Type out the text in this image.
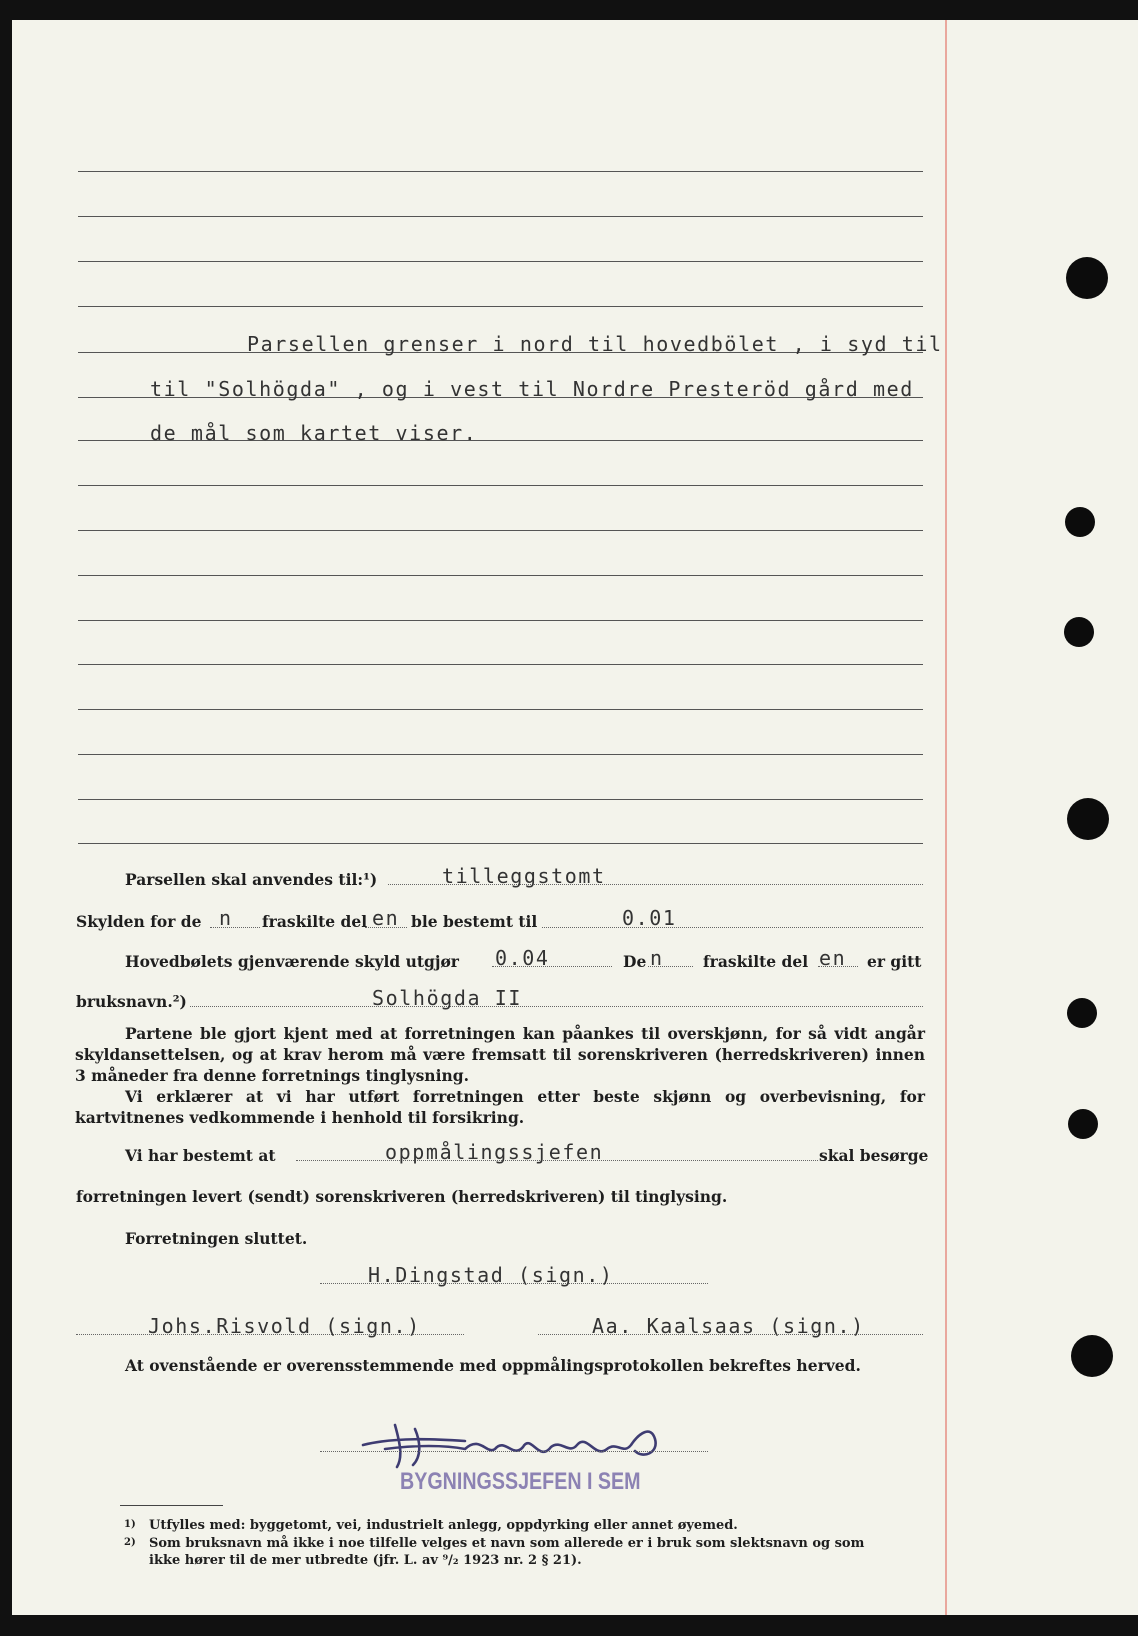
Parsellen grenser i nord til hovedbölet , i syd til
til "Solhögda" , og i vest til Nordre Presteröd gård med
de mål som kartet viser.
Parsellen skal anvendes til:¹)	tilleggstomt
Skylden for de n fraskilte del en ble bestemt til	0.01
Hovedbølets gjenværende skyld utgjør 0.04	De n	fraskilte del en er gitt
bruksnavn.²)	Solhögda II
Partene ble gjort kjent med at forretningen kan påankes til overskjønn, for så vidt angår skyldansettelsen, og at krav herom må være fremsatt til sorenskriveren (herredskriveren) innen 3 måneder fra denne forretnings tinglysning.
Vi erklærer at vi har utført forretningen etter beste skjønn og overbevisning, for kartvitnenes vedkommende i henhold til forsikring.
Vi har bestemt at	oppmålingssjefen	skal besørge
forretningen levert (sendt) sorenskriveren (herredskriveren) til tinglysing.
Forretningen sluttet.
H.Dingstad (sign.)
Johs.Risvold (sign.)	Aa. Kaalsaas (sign.)
At ovenstående er overensstemmende med oppmålingsprotokollen bekreftes herved.
BYGNINGSSJEFEN I SEM
1) Utfylles med: byggetomt, vei, industrielt anlegg, oppdyrking eller annet øyemed.
2) Som bruksnavn må ikke i noe tilfelle velges et navn som allerede er i bruk som slektsnavn og som
ikke hører til de mer utbredte (jfr. L. av ⁹/₂ 1923 nr. 2 § 21).
